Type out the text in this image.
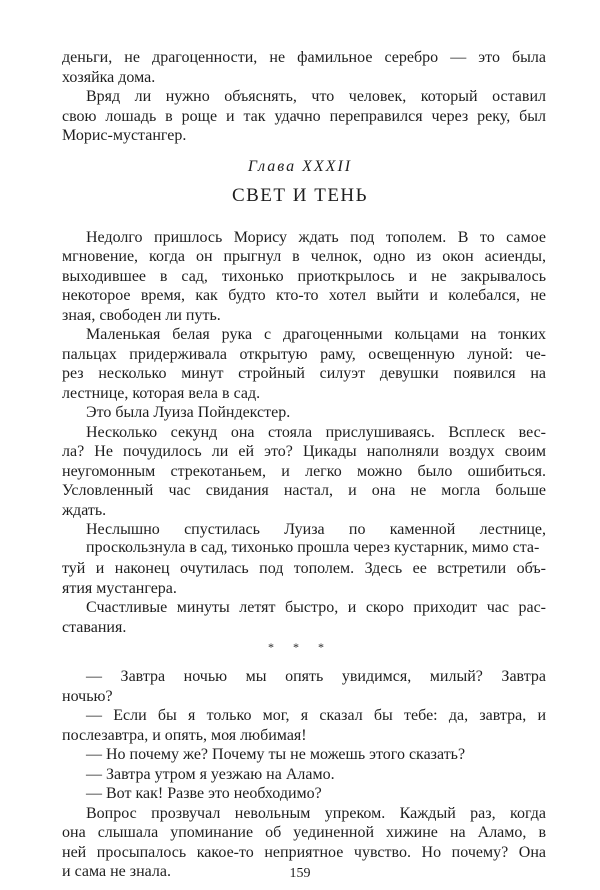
деньги, не драгоценности, не фамильное серебро — это была
хозяйка дома.
Вряд ли нужно объяснять, что человек, который оставил
свою лошадь в роще и так удачно переправился через реку, был
Морис-мустангер.
Глава XXXII
СВЕТ И ТЕНЬ
Недолго пришлось Морису ждать под тополем. В то самое
мгновение, когда он прыгнул в челнок, одно из окон асиенды,
выходившее в сад, тихонько приоткрылось и не закрывалось
некоторое время, как будто кто-то хотел выйти и колебался, не
зная, свободен ли путь.
Маленькая белая рука с драгоценными кольцами на тонких
пальцах придерживала открытую раму, освещенную луной: че-
рез несколько минут стройный силуэт девушки появился на
лестнице, которая вела в сад.
Это была Луиза Пойндекстер.
Несколько секунд она стояла прислушиваясь. Всплеск вес-
ла? Не почудилось ли ей это? Цикады наполняли воздух своим
неугомонным стрекотаньем, и легко можно было ошибиться.
Условленный час свидания настал, и она не могла больше
ждать.
Неслышно спустилась Луиза по каменной лестнице, проскользнула в сад, тихонько прошла через кустарник, мимо ста-
туй и наконец очутилась под тополем. Здесь ее встретили объ-
ятия мустангера.
Счастливые минуты летят быстро, и скоро приходит час рас-
ставания.
* * *
— Завтра ночью мы опять увидимся, милый? Завтра
ночью?
— Если бы я только мог, я сказал бы тебе: да, завтра, и
послезавтра, и опять, моя любимая!
— Но почему же? Почему ты не можешь этого сказать?
— Завтра утром я уезжаю на Аламо.
— Вот как! Разве это необходимо?
Вопрос прозвучал невольным упреком. Каждый раз, когда
она слышала упоминание об уединенной хижине на Аламо, в
159
ней просыпалось какое-то неприятное чувство. Но почему? Она
и сама не знала.
